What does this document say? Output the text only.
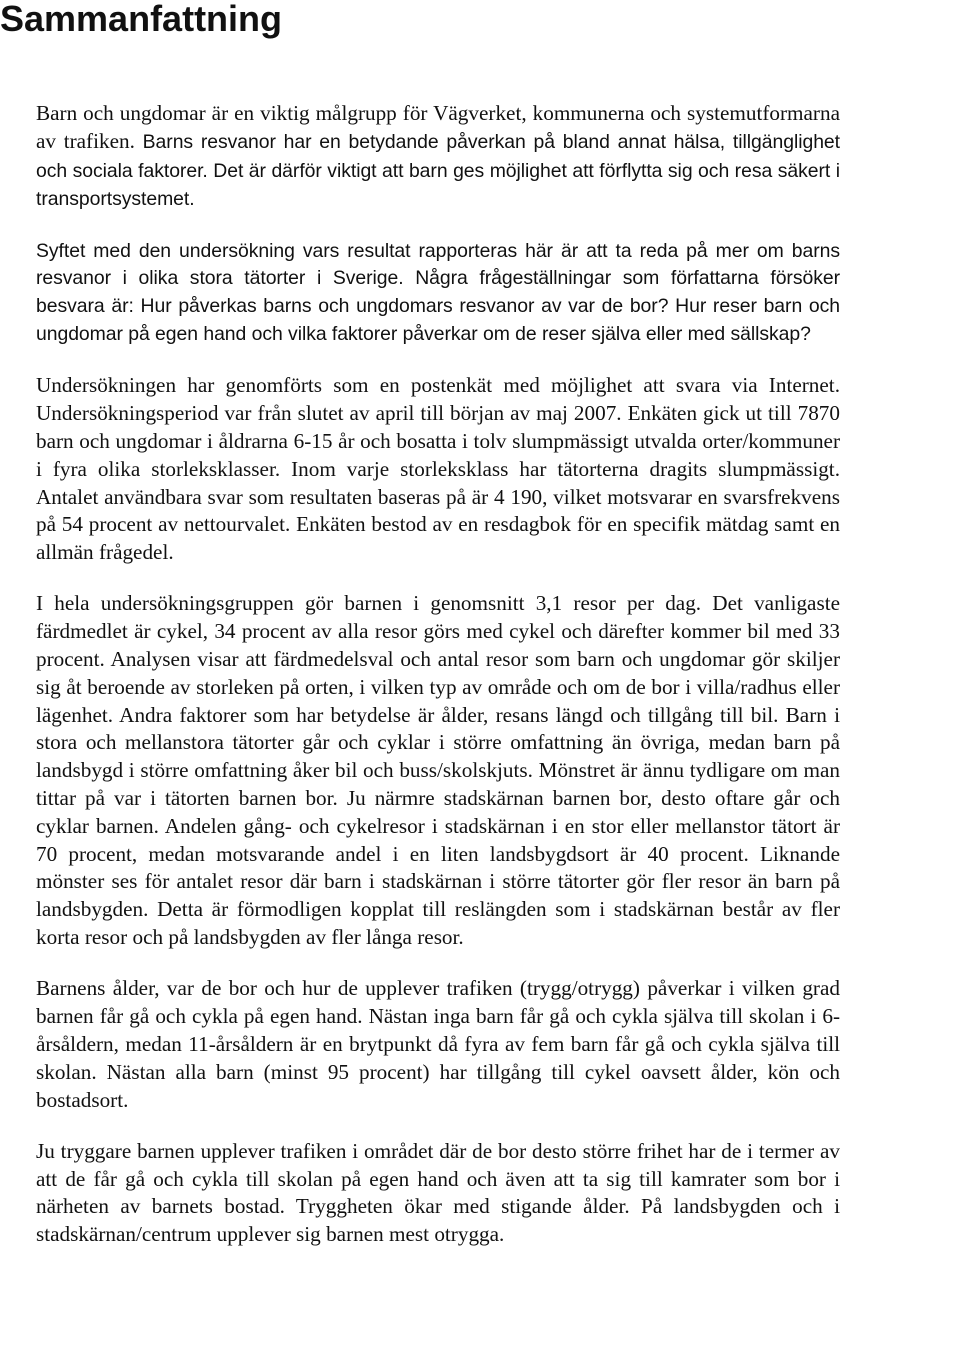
Sammanfattning

Barn och ungdomar är en viktig målgrupp för Vägverket, kommunerna och systemutformarna av trafiken. Barns resvanor har en betydande påverkan på bland annat hälsa, tillgänglighet och sociala faktorer. Det är därför viktigt att barn ges möjlighet att förflytta sig och resa säkert i transportsystemet.

Syftet med den undersökning vars resultat rapporteras här är att ta reda på mer om barns resvanor i olika stora tätorter i Sverige. Några frågeställningar som författarna försöker besvara är: Hur påverkas barns och ungdomars resvanor av var de bor? Hur reser barn och ungdomar på egen hand och vilka faktorer påverkar om de reser själva eller med sällskap?

Undersökningen har genomförts som en postenkät med möjlighet att svara via Internet. Undersökningsperiod var från slutet av april till början av maj 2007. Enkäten gick ut till 7870 barn och ungdomar i åldrarna 6-15 år och bosatta i tolv slumpmässigt utvalda orter/kommuner i fyra olika storleksklasser. Inom varje storleksklass har tätorterna dragits slumpmässigt. Antalet användbara svar som resultaten baseras på är 4 190, vilket motsvarar en svarsfrekvens på 54 procent av nettourvalet. Enkäten bestod av en resdagbok för en specifik mätdag samt en allmän frågedel.

I hela undersökningsgruppen gör barnen i genomsnitt 3,1 resor per dag. Det vanligaste färdmedlet är cykel, 34 procent av alla resor görs med cykel och därefter kommer bil med 33 procent. Analysen visar att färdmedelsval och antal resor som barn och ungdomar gör skiljer sig åt beroende av storleken på orten, i vilken typ av område och om de bor i villa/radhus eller lägenhet. Andra faktorer som har betydelse är ålder, resans längd och tillgång till bil. Barn i stora och mellanstora tätorter går och cyklar i större omfattning än övriga, medan barn på landsbygd i större omfattning åker bil och buss/skolskjuts. Mönstret är ännu tydligare om man tittar på var i tätorten barnen bor. Ju närmre stadskärnan barnen bor, desto oftare går och cyklar barnen. Andelen gång- och cykelresor i stadskärnan i en stor eller mellanstor tätort är 70 procent, medan motsvarande andel i en liten landsbygdsort är 40 procent. Liknande mönster ses för antalet resor där barn i stadskärnan i större tätorter gör fler resor än barn på landsbygden. Detta är förmodligen kopplat till reslängden som i stadskärnan består av fler korta resor och på landsbygden av fler långa resor.

Barnens ålder, var de bor och hur de upplever trafiken (trygg/otrygg) påverkar i vilken grad barnen får gå och cykla på egen hand. Nästan inga barn får gå och cykla själva till skolan i 6-årsåldern, medan 11-årsåldern är en brytpunkt då fyra av fem barn får gå och cykla själva till skolan. Nästan alla barn (minst 95 procent) har tillgång till cykel oavsett ålder, kön och bostadsort.

Ju tryggare barnen upplever trafiken i området där de bor desto större frihet har de i termer av att de får gå och cykla till skolan på egen hand och även att ta sig till kamrater som bor i närheten av barnets bostad. Tryggheten ökar med stigande ålder. På landsbygden och i stadskärnan/centrum upplever sig barnen mest otrygga.
